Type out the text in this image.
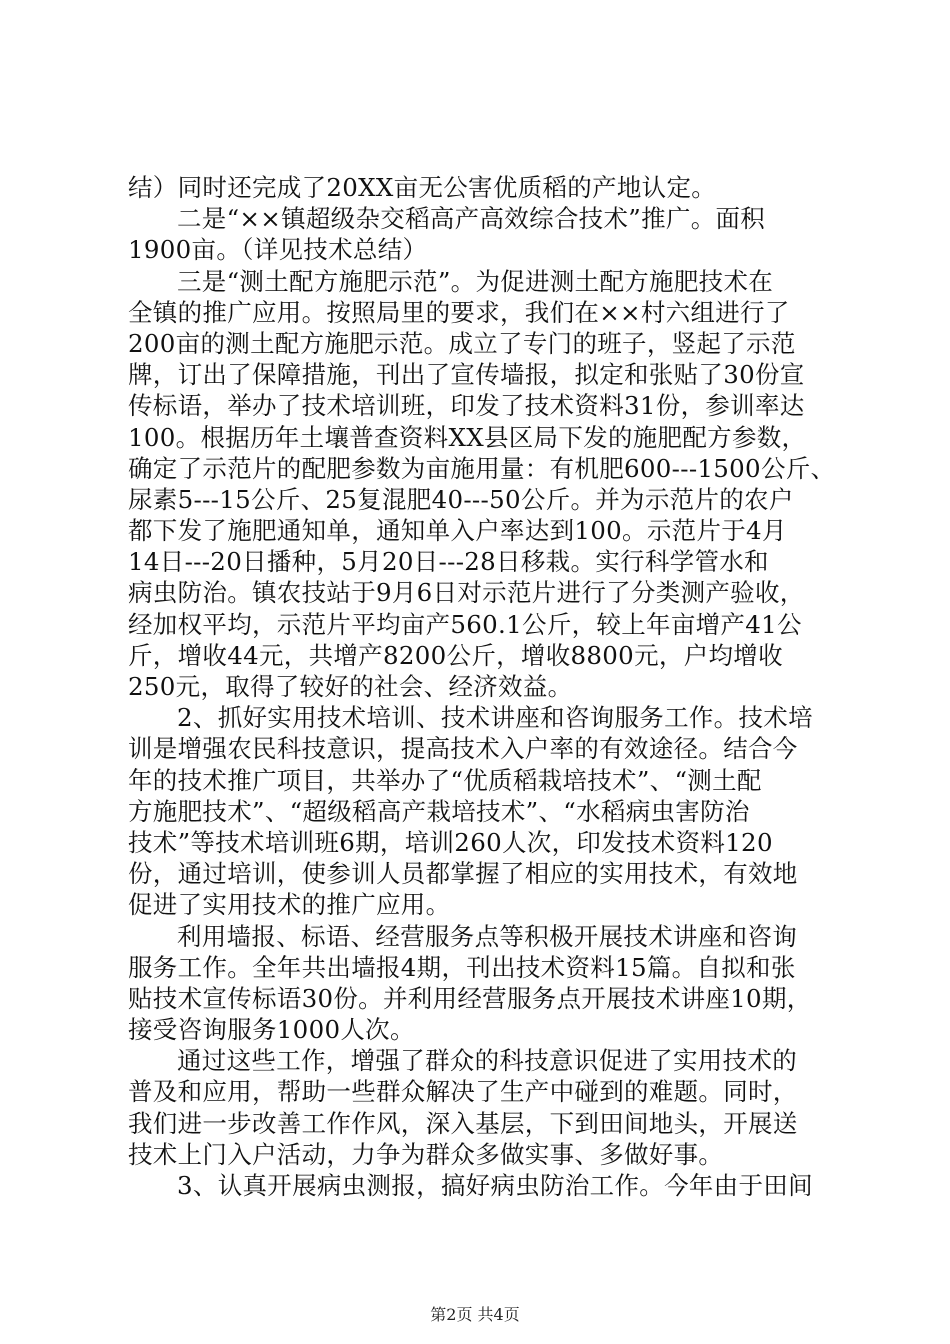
结）同时还完成了20XX亩无公害优质稻的产地认定。
二是“××镇超级杂交稻高产高效综合技术”推广。面积
1900亩。（详见技术总结）
三是“测土配方施肥示范”。为促进测土配方施肥技术在
全镇的推广应用。按照局里的要求，我们在××村六组进行了
200亩的测土配方施肥示范。成立了专门的班子，竖起了示范
牌，订出了保障措施，刊出了宣传墙报，拟定和张贴了30份宣
传标语，举办了技术培训班，印发了技术资料31份，参训率达
100。根据历年土壤普查资料XX县区局下发的施肥配方参数，
确定了示范片的配肥参数为亩施用量：有机肥600---1500公斤、
尿素5---15公斤、25复混肥40---50公斤。并为示范片的农户
都下发了施肥通知单，通知单入户率达到100。示范片于4月
14日---20日播种，5月20日---28日移栽。实行科学管水和
病虫防治。镇农技站于9月6日对示范片进行了分类测产验收，
经加权平均，示范片平均亩产560.1公斤，较上年亩增产41公
斤，增收44元，共增产8200公斤，增收8800元，户均增收
250元，取得了较好的社会、经济效益。
2、抓好实用技术培训、技术讲座和咨询服务工作。技术培
训是增强农民科技意识，提高技术入户率的有效途径。结合今
年的技术推广项目，共举办了“优质稻栽培技术”、“测土配
方施肥技术”、“超级稻高产栽培技术”、“水稻病虫害防治
技术”等技术培训班6期，培训260人次，印发技术资料120
份，通过培训，使参训人员都掌握了相应的实用技术，有效地
促进了实用技术的推广应用。
利用墙报、标语、经营服务点等积极开展技术讲座和咨询
服务工作。全年共出墙报4期，刊出技术资料15篇。自拟和张
贴技术宣传标语30份。并利用经营服务点开展技术讲座10期，
接受咨询服务1000人次。
通过这些工作，增强了群众的科技意识促进了实用技术的
普及和应用，帮助一些群众解决了生产中碰到的难题。同时，
我们进一步改善工作作风，深入基层，下到田间地头，开展送
技术上门入户活动，力争为群众多做实事、多做好事。
3、认真开展病虫测报，搞好病虫防治工作。今年由于田间
第2页 共4页
